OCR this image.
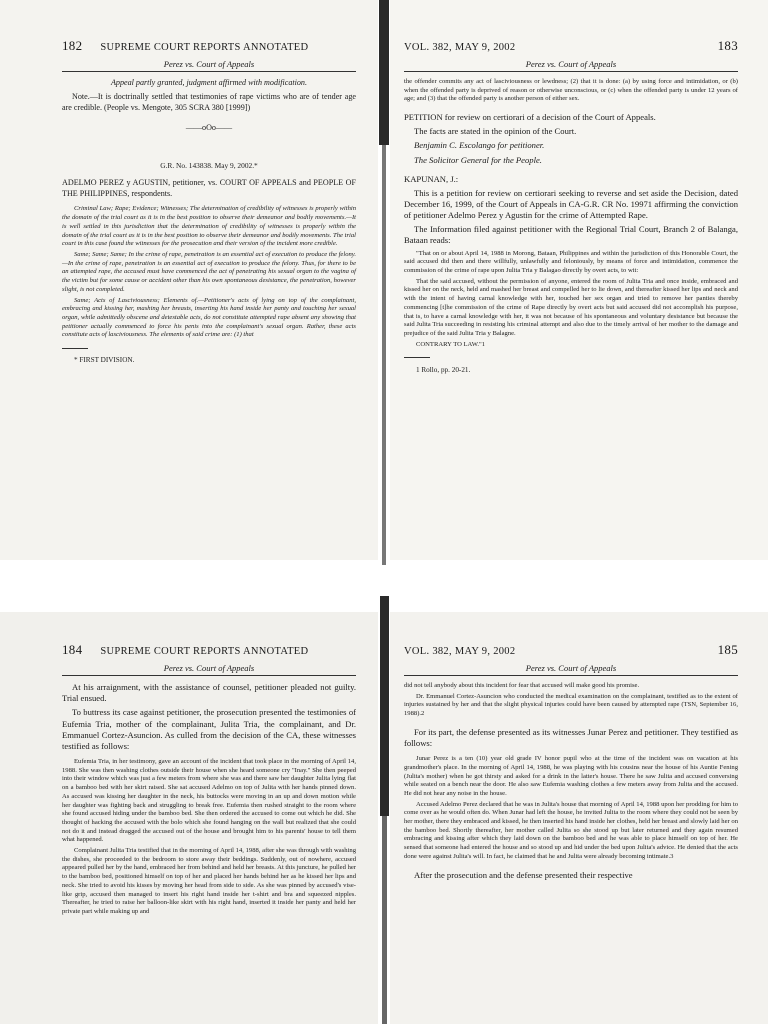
182 SUPREME COURT REPORTS ANNOTATED
Perez vs. Court of Appeals

Appeal partly granted, judgment affirmed with modification.

Note.—It is doctrinally settled that testimonies of rape victims who are of tender age are credible. (People vs. Mengote, 305 SCRA 380 [1999])

——oOo——

G.R. No. 143838. May 9, 2002.*

ADELMO PEREZ y AGUSTIN, petitioner, vs. COURT OF APPEALS and PEOPLE OF THE PHILIPPINES, respondents.

Criminal Law; Rape; Evidence; Witnesses; The determination of credibility of witnesses is properly within the domain of the trial court as it is in the best position to observe their demeanor and bodily movements.—It is well settled in this jurisdiction that the determination of credibility of witnesses is properly within the domain of the trial court as it is in the best position to observe their demeanor and bodily movements. The trial court in this case found the witnesses for the prosecution and their version of the incident more credible.

Same; Same; Same; In the crime of rape, penetration is an essential act of execution to produce the felony.—In the crime of rape, penetration is an essential act of execution to produce the felony. Thus, for there to be an attempted rape, the accused must have commenced the act of penetrating his sexual organ to the vagina of the victim but for some cause or accident other than his own spontaneous desistance, the penetration, however slight, is not completed.

Same; Acts of Lasciviousness; Elements of.—Petitioner's acts of lying on top of the complainant, embracing and kissing her, mashing her breasts, inserting his hand inside her panty and touching her sexual organ, while admittedly obscene and detestable acts, do not constitute attempted rape absent any showing that petitioner actually commenced to force his penis into the complainant's sexual organ. Rather, these acts constitute acts of lasciviousness. The elements of said crime are: (1) that

* FIRST DIVISION.

VOL. 382, MAY 9, 2002	183
Perez vs. Court of Appeals

the offender commits any act of lasciviousness or lewdness; (2) that it is done: (a) by using force and intimidation, or (b) when the offended party is deprived of reason or otherwise unconscious, or (c) when the offended party is under 12 years of age; and (3) that the offended party is another person of either sex.

PETITION for review on certiorari of a decision of the Court of Appeals.

The facts are stated in the opinion of the Court.

Benjamin C. Escolango for petitioner.

The Solicitor General for the People.

KAPUNAN, J.:

This is a petition for review on certiorari seeking to reverse and set aside the Decision, dated December 16, 1999, of the Court of Appeals in CA-G.R. CR No. 19971 affirming the conviction of petitioner Adelmo Perez y Agustin for the crime of Attempted Rape.

The Information filed against petitioner with the Regional Trial Court, Branch 2 of Balanga, Bataan reads:

"That on or about April 14, 1988 in Morong, Bataan, Philippines and within the jurisdiction of this Honorable Court, the said accused did then and there willfully, unlawfully and feloniously, by means of force and intimidation, commence the commission of the crime of rape upon Julita Tria y Balagao directly by overt acts, to wit:

That the said accused, without the permission of anyone, entered the room of Julita Tria and once inside, embraced and kissed her on the neck, held and mashed her breast and compelled her to lie down, and thereafter kissed her lips and neck and with the intent of having carnal knowledge with her, touched her sex organ and tried to remove her panties thereby commencing [t]he commission of the crime of Rape directly by overt acts but said accused did not accomplish his purpose, that is, to have a carnal knowledge with her, it was not because of his spontaneous and voluntary desistance but because the said Julita Tria succeeding in resisting his criminal attempt and also due to the timely arrival of her mother to the damage and prejudice of the said Julita Tria y Balagne.

CONTRARY TO LAW."1

1 Rollo, pp. 20-21.

184 SUPREME COURT REPORTS ANNOTATED
Perez vs. Court of Appeals

At his arraignment, with the assistance of counsel, petitioner pleaded not guilty. Trial ensued.

To buttress its case against petitioner, the prosecution presented the testimonies of Eufemia Tria, mother of the complainant, Julita Tria, the complainant, and Dr. Emmanuel Cortez-Asuncion. As culled from the decision of the CA, these witnesses testified as follows:

Eufemia Tria, in her testimony, gave an account of the incident that took place in the morning of April 14, 1988. She was then washing clothes outside their house when she heard someone cry "Inay." She then peeped into their window which was just a few meters from where she was and there saw her daughter Julita lying flat on a bamboo bed with her skirt raised. She sat accused Adelmo on top of Julita with her hands pinned down. As accused was kissing her daughter in the neck, his buttocks were moving in an up and down motion while her daughter was fighting back and struggling to break free. Eufemia then rushed straight to the room where she found accused hiding under the bamboo bed. She then ordered the accused to come out which he did. She thought of hacking the accused with the bolo which she found hanging on the wall but realized that she could not do it and instead dragged the accused out of the house and brought him to his parents' house to tell them what happened.

Complainant Julita Tria testified that in the morning of April 14, 1988, after she was through with washing the dishes, she proceeded to the bedroom to store away their beddings. Suddenly, out of nowhere, accused appeared pulled her by the hand, embraced her from behind and held her breasts. At this juncture, he pulled her to the bamboo bed, positioned himself on top of her and placed her hands behind her as he kissed her lips and neck. She tried to avoid his kisses by moving her head from side to side. As she was pinned by accused's vise-like grip, accused then managed to insert his right hand inside her t-shirt and bra and squeezed nipples. Thereafter, he tried to raise her balloon-like skirt with his right hand, inserted it inside her panty and held her private part while making up and

VOL. 382, MAY 9, 2002	185
Perez vs. Court of Appeals

did not tell anybody about this incident for fear that accused will make good his promise.

Dr. Emmanuel Cortez-Asuncion who conducted the medical examination on the complainant, testified as to the extent of injuries sustained by her and that the slight physical injuries could have been caused by attempted rape (TSN, September 16, 1988).2

For its part, the defense presented as its witnesses Junar Perez and petitioner. They testified as follows:

Junar Perez is a ten (10) year old grade IV honor pupil who at the time of the incident was on vacation at his grandmother's place. In the morning of April 14, 1988, he was playing with his cousins near the house of his Auntie Fening (Julita's mother) when he got thirsty and asked for a drink in the latter's house. There he saw Julita and accused conversing while seated on a bench near the door. He also saw Eufemia washing clothes a few meters away from Julita and the accused. He did not hear any noise in the house.

Accused Adelmo Perez declared that he was in Julita's house that morning of April 14, 1988 upon her prodding for him to come over as he would often do. When Junar had left the house, he invited Julita to the room where they could not be seen by her mother, there they embraced and kissed, he then inserted his hand inside her clothes, held her breast and slowly laid her on the bamboo bed. Shortly thereafter, her mother called Julita so she stood up but later returned and they again resumed embracing and kissing after which they laid down on the bamboo bed and he was able to place himself on top of her. He sensed that someone had entered the house and so stood up and hid under the bed upon Julita's advice. He denied that the acts done were against Julita's will. In fact, he claimed that he and Julita were already becoming intimate.3

After the prosecution and the defense presented their respective
